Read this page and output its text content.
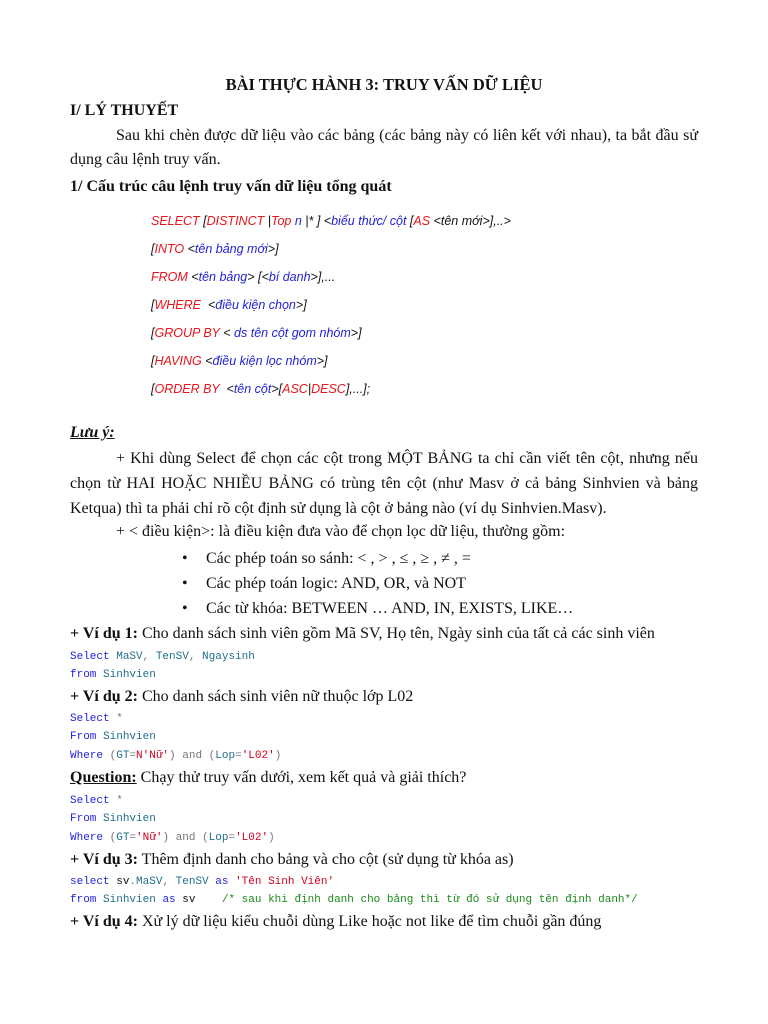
BÀI THỰC HÀNH 3: TRUY VẤN DỮ LIỆU
I/ LÝ THUYẾT
Sau khi chèn được dữ liệu vào các bảng (các bảng này có liên kết với nhau), ta bắt đầu sử dụng câu lệnh truy vấn.
1/ Cấu trúc câu lệnh truy vấn dữ liệu tổng quát
SELECT [DISTINCT |Top n |* ] <biểu thức/ cột [AS <tên mới>],..>
[INTO <tên bảng mới>]
FROM <tên bảng> [<bí danh>],...
[WHERE  <điều kiện chọn>]
[GROUP BY < ds tên cột gom nhóm>]
[HAVING <điều kiện lọc nhóm>]
[ORDER BY  <tên cột>[ASC|DESC],...];
Lưu ý:
+ Khi dùng Select để chọn các cột trong MỘT BẢNG ta chỉ cần viết tên cột, nhưng nếu chọn từ HAI HOẶC NHIỀU BẢNG có trùng tên cột (như Masv ở cả bảng Sinhvien và bảng Ketqua) thì ta phải chỉ rõ cột định sử dụng là cột ở bảng nào (ví dụ Sinhvien.Masv).
+ < điều kiện>: là điều kiện đưa vào để chọn lọc dữ liệu, thường gồm:
• Các phép toán so sánh: < , > , ≤ , ≥ , ≠ , =
• Các phép toán logic: AND, OR, và NOT
• Các từ khóa: BETWEEN … AND, IN, EXISTS, LIKE…
+ Ví dụ 1: Cho danh sách sinh viên gồm Mã SV, Họ tên, Ngày sinh của tất cả các sinh viên
Select MaSV, TenSV, Ngaysinh
from Sinhvien
+ Ví dụ 2: Cho danh sách sinh viên nữ thuộc lớp L02
Select *
From Sinhvien
Where (GT=N'Nữ') and (Lop='L02')
Question: Chạy thử truy vấn dưới, xem kết quả và giải thích?
Select *
From Sinhvien
Where (GT='Nữ') and (Lop='L02')
+ Ví dụ 3: Thêm định danh cho bảng và cho cột (sử dụng từ khóa as)
select sv.MaSV, TenSV as 'Tên Sinh Viên'
from Sinhvien as sv    /* sau khi định danh cho bảng thì từ đó sử dụng tên định danh*/
+ Ví dụ 4: Xử lý dữ liệu kiểu chuỗi dùng Like hoặc not like để tìm chuỗi gần đúng
